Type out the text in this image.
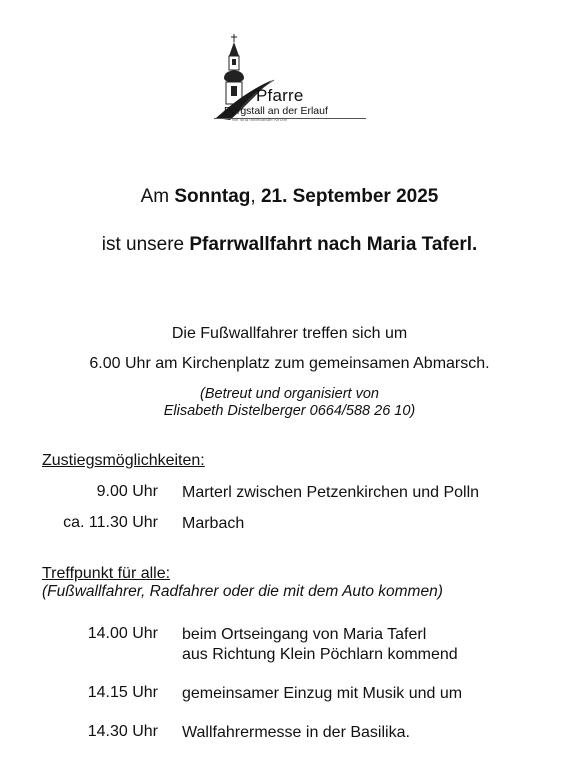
Pfarre
Purgstall an der Erlauf
Wir sind miteinander Kirche
Am Sonntag, 21. September 2025
ist unsere Pfarrwallfahrt nach Maria Taferl.
Die Fußwallfahrer treffen sich um
6.00 Uhr am Kirchenplatz zum gemeinsamen Abmarsch.
(Betreut und organisiert von
Elisabeth Distelberger 0664/588 26 10)
Zustiegsmöglichkeiten:
9.00 Uhr Marterl zwischen Petzenkirchen und Polln
ca. 11.30 Uhr Marbach
Treffpunkt für alle:
(Fußwallfahrer, Radfahrer oder die mit dem Auto kommen)
14.00 Uhr beim Ortseingang von Maria Taferl
aus Richtung Klein Pöchlarn kommend
14.15 Uhr gemeinsamer Einzug mit Musik und um
14.30 Uhr Wallfahrermesse in der Basilika.
